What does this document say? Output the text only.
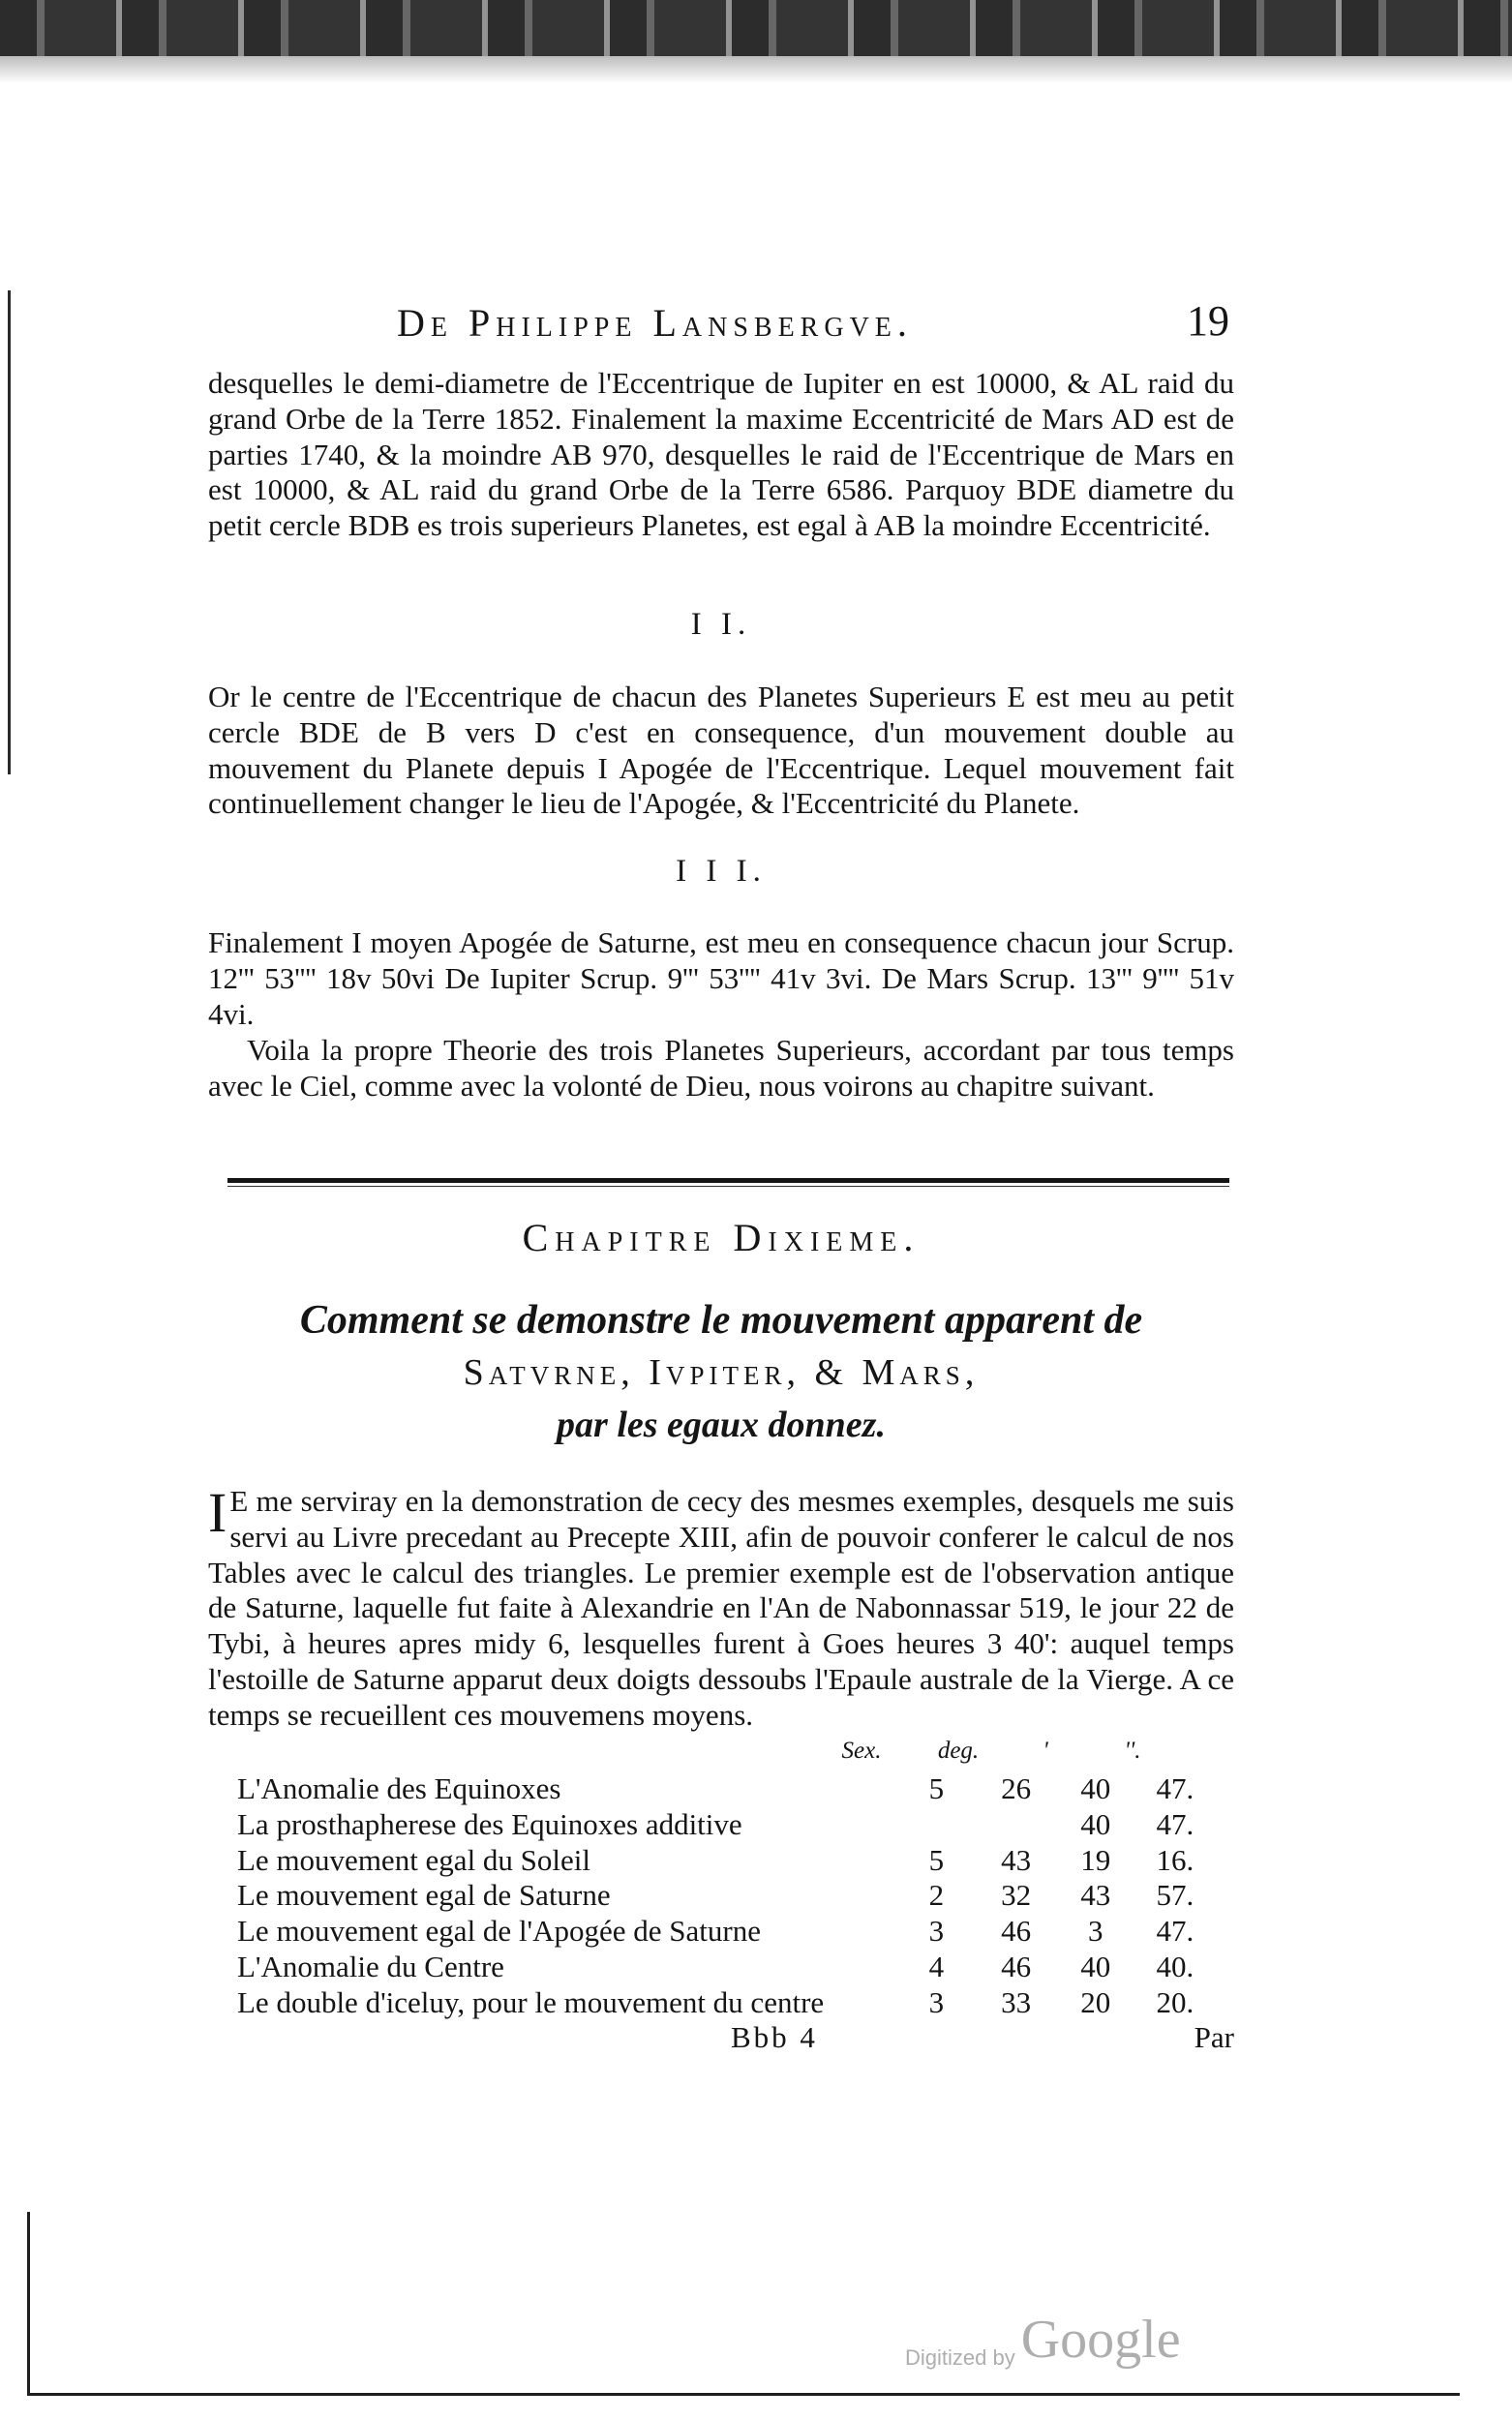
De Philippe Lansbergve.	19

desquelles le demi-diametre de l'Eccentrique de Iupiter en est 10000, & AL raid du grand Orbe de la Terre 1852. Finalement la maxime Eccentricité de Mars AD est de parties 1740, & la moindre AB 970, desquelles le raid de l'Eccentrique de Mars en est 10000, & AL raid du grand Orbe de la Terre 6586. Parquoy BDE diametre du petit cercle BDB es trois superieurs Planetes, est egal à AB la moindre Eccentricité.

I I.

Or le centre de l'Eccentrique de chacun des Planetes Superieurs E est meu au petit cercle BDE de B vers D c'est en consequence, d'un mouvement double au mouvement du Planete depuis I Apogée de l'Eccentrique. Lequel mouvement fait continuellement changer le lieu de l'Apogée, & l'Eccentricité du Planete.

I I I.

Finalement I moyen Apogée de Saturne, est meu en consequence chacun jour Scrup. 12''' 53'''' 18v 50vi De Iupiter Scrup. 9''' 53'''' 41v 3vi. De Mars Scrup. 13''' 9'''' 51v 4vi.

Voila la propre Theorie des trois Planetes Superieurs, accordant par tous temps avec le Ciel, comme avec la volonté de Dieu, nous voirons au chapitre suivant.

Chapitre Dixieme.

Comment se demonstre le mouvement apparent de

Satvrne, Ivpiter, & Mars,

par les egaux donnez.

I E me serviray en la demonstration de cecy des mesmes exemples, desquels me suis servi au Livre precedant au Precepte XIII, afin de pouvoir conferer le calcul de nos Tables avec le calcul des triangles. Le premier exemple est de l'observation antique de Saturne, laquelle fut faite à Alexandrie en l'An de Nabonnassar 519, le jour 22 de Tybi, à heures apres midy 6, lesquelles furent à Goes heures 3 40': auquel temps l'estoille de Saturne apparut deux doigts dessoubs l'Epaule australe de la Vierge. A ce temps se recueillent ces mouvemens moyens.
Sex.	deg.	'	''.
L'Anomalie des Equinoxes	5	26	40	47.
La prosthapherese des Equinoxes additive			40	47.
Le mouvement egal du Soleil	5	43	19	16.
Le mouvement egal de Saturne	2	32	43	57.
Le mouvement egal de l'Apogée de Saturne	3	46	3	47.
L'Anomalie du Centre	4	46	40	40.
Le double d'iceluy, pour le mouvement du centre	3	33	20	20.
Bbb 4	Par
Digitized by Google
